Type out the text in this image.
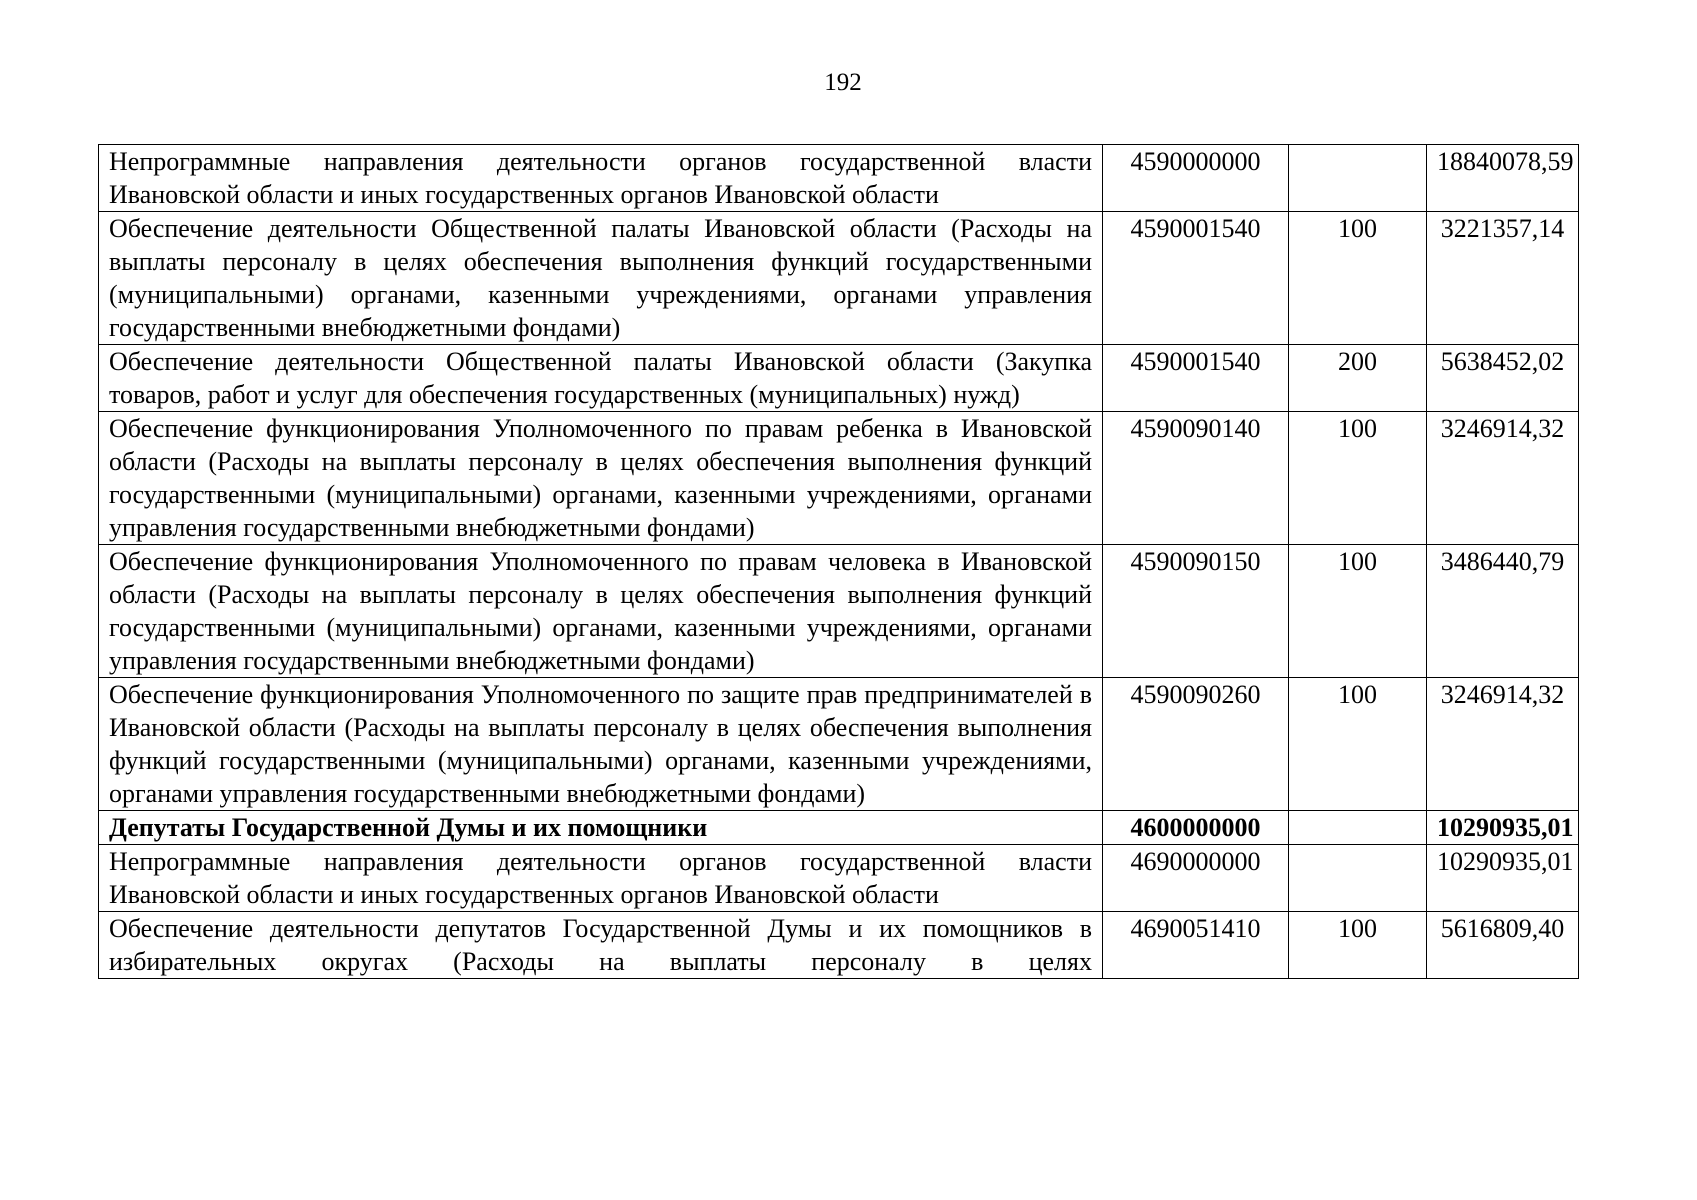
192
Непрограммные направления деятельности органов государственной власти Ивановской области и иных государственных органов Ивановской области	4590000000		18840078,59
Обеспечение деятельности Общественной палаты Ивановской области (Расходы на выплаты персоналу в целях обеспечения выполнения функций государственными (муниципальными) органами, казенными учреждениями, органами управления государственными внебюджетными фондами)	4590001540	100	3221357,14
Обеспечение деятельности Общественной палаты Ивановской области (Закупка товаров, работ и услуг для обеспечения государственных (муниципальных) нужд)	4590001540	200	5638452,02
Обеспечение функционирования Уполномоченного по правам ребенка в Ивановской области (Расходы на выплаты персоналу в целях обеспечения выполнения функций государственными (муниципальными) органами, казенными учреждениями, органами управления государственными внебюджетными фондами)	4590090140	100	3246914,32
Обеспечение функционирования Уполномоченного по правам человека в Ивановской области (Расходы на выплаты персоналу в целях обеспечения выполнения функций государственными (муниципальными) органами, казенными учреждениями, органами управления государственными внебюджетными фондами)	4590090150	100	3486440,79
Обеспечение функционирования Уполномоченного по защите прав предпринимателей в Ивановской области (Расходы на выплаты персоналу в целях обеспечения выполнения функций государственными (муниципальными) органами, казенными учреждениями, органами управления государственными внебюджетными фондами)	4590090260	100	3246914,32
Депутаты Государственной Думы и их помощники	4600000000		10290935,01
Непрограммные направления деятельности органов государственной власти Ивановской области и иных государственных органов Ивановской области	4690000000		10290935,01
Обеспечение деятельности депутатов Государственной Думы и их помощников в избирательных округах (Расходы на выплаты персоналу в целях	4690051410	100	5616809,40
